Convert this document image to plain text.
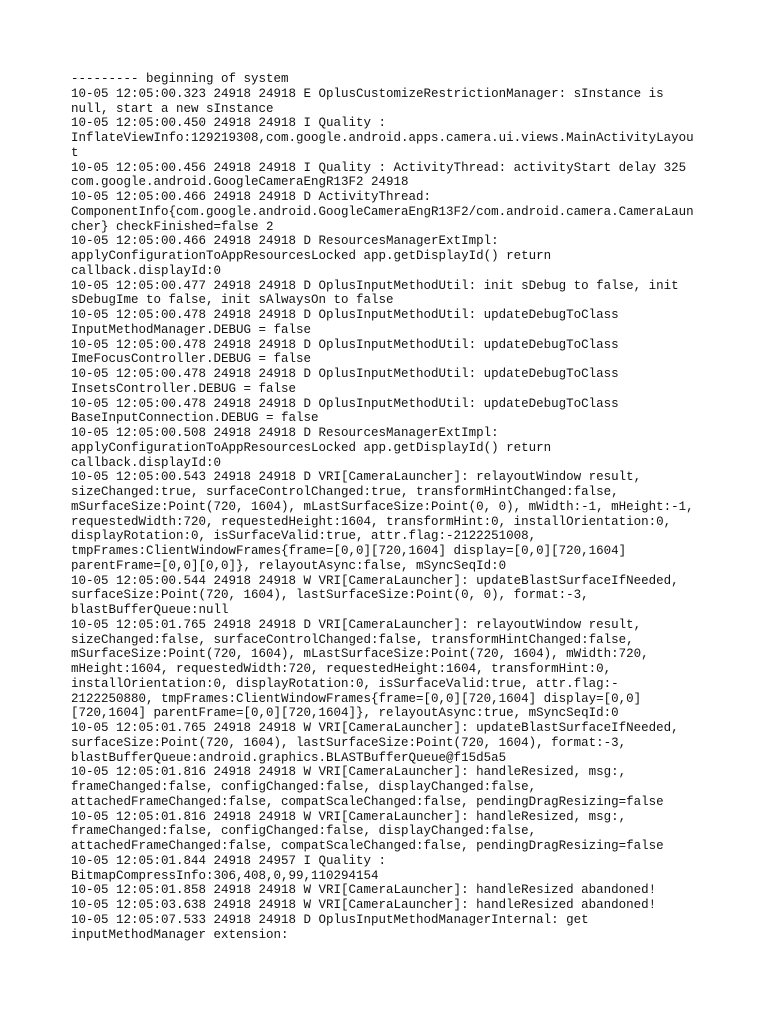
--------- beginning of system
10-05 12:05:00.323 24918 24918 E OplusCustomizeRestrictionManager: sInstance is
null, start a new sInstance
10-05 12:05:00.450 24918 24918 I Quality :
InflateViewInfo:129219308,com.google.android.apps.camera.ui.views.MainActivityLayou
t
10-05 12:05:00.456 24918 24918 I Quality : ActivityThread: activityStart delay 325
com.google.android.GoogleCameraEngR13F2 24918
10-05 12:05:00.466 24918 24918 D ActivityThread:
ComponentInfo{com.google.android.GoogleCameraEngR13F2/com.android.camera.CameraLaun
cher} checkFinished=false 2
10-05 12:05:00.466 24918 24918 D ResourcesManagerExtImpl:
applyConfigurationToAppResourcesLocked app.getDisplayId() return
callback.displayId:0
10-05 12:05:00.477 24918 24918 D OplusInputMethodUtil: init sDebug to false, init
sDebugIme to false, init sAlwaysOn to false
10-05 12:05:00.478 24918 24918 D OplusInputMethodUtil: updateDebugToClass
InputMethodManager.DEBUG = false
10-05 12:05:00.478 24918 24918 D OplusInputMethodUtil: updateDebugToClass
ImeFocusController.DEBUG = false
10-05 12:05:00.478 24918 24918 D OplusInputMethodUtil: updateDebugToClass
InsetsController.DEBUG = false
10-05 12:05:00.478 24918 24918 D OplusInputMethodUtil: updateDebugToClass
BaseInputConnection.DEBUG = false
10-05 12:05:00.508 24918 24918 D ResourcesManagerExtImpl:
applyConfigurationToAppResourcesLocked app.getDisplayId() return
callback.displayId:0
10-05 12:05:00.543 24918 24918 D VRI[CameraLauncher]: relayoutWindow result,
sizeChanged:true, surfaceControlChanged:true, transformHintChanged:false,
mSurfaceSize:Point(720, 1604), mLastSurfaceSize:Point(0, 0), mWidth:-1, mHeight:-1,
requestedWidth:720, requestedHeight:1604, transformHint:0, installOrientation:0,
displayRotation:0, isSurfaceValid:true, attr.flag:-2122251008,
tmpFrames:ClientWindowFrames{frame=[0,0][720,1604] display=[0,0][720,1604]
parentFrame=[0,0][0,0]}, relayoutAsync:false, mSyncSeqId:0
10-05 12:05:00.544 24918 24918 W VRI[CameraLauncher]: updateBlastSurfaceIfNeeded,
surfaceSize:Point(720, 1604), lastSurfaceSize:Point(0, 0), format:-3,
blastBufferQueue:null
10-05 12:05:01.765 24918 24918 D VRI[CameraLauncher]: relayoutWindow result,
sizeChanged:false, surfaceControlChanged:false, transformHintChanged:false,
mSurfaceSize:Point(720, 1604), mLastSurfaceSize:Point(720, 1604), mWidth:720,
mHeight:1604, requestedWidth:720, requestedHeight:1604, transformHint:0,
installOrientation:0, displayRotation:0, isSurfaceValid:true, attr.flag:-
2122250880, tmpFrames:ClientWindowFrames{frame=[0,0][720,1604] display=[0,0]
[720,1604] parentFrame=[0,0][720,1604]}, relayoutAsync:true, mSyncSeqId:0
10-05 12:05:01.765 24918 24918 W VRI[CameraLauncher]: updateBlastSurfaceIfNeeded,
surfaceSize:Point(720, 1604), lastSurfaceSize:Point(720, 1604), format:-3,
blastBufferQueue:android.graphics.BLASTBufferQueue@f15d5a5
10-05 12:05:01.816 24918 24918 W VRI[CameraLauncher]: handleResized, msg:,
frameChanged:false, configChanged:false, displayChanged:false,
attachedFrameChanged:false, compatScaleChanged:false, pendingDragResizing=false
10-05 12:05:01.816 24918 24918 W VRI[CameraLauncher]: handleResized, msg:,
frameChanged:false, configChanged:false, displayChanged:false,
attachedFrameChanged:false, compatScaleChanged:false, pendingDragResizing=false
10-05 12:05:01.844 24918 24957 I Quality :
BitmapCompressInfo:306,408,0,99,110294154
10-05 12:05:01.858 24918 24918 W VRI[CameraLauncher]: handleResized abandoned!
10-05 12:05:03.638 24918 24918 W VRI[CameraLauncher]: handleResized abandoned!
10-05 12:05:07.533 24918 24918 D OplusInputMethodManagerInternal: get
inputMethodManager extension:
